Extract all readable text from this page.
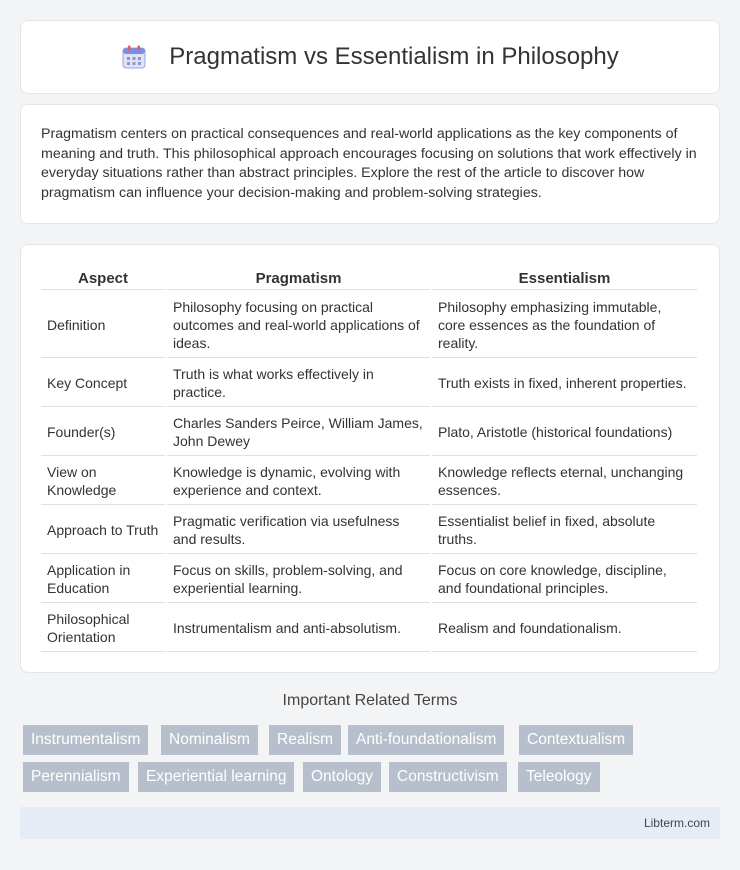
Pragmatism vs Essentialism in Philosophy

Pragmatism centers on practical consequences and real-world applications as the key components of meaning and truth. This philosophical approach encourages focusing on solutions that work effectively in everyday situations rather than abstract principles. Explore the rest of the article to discover how pragmatism can influence your decision-making and problem-solving strategies.

Aspect	Pragmatism	Essentialism
Definition	Philosophy focusing on practical outcomes and real-world applications of ideas.	Philosophy emphasizing immutable, core essences as the foundation of reality.
Key Concept	Truth is what works effectively in practice.	Truth exists in fixed, inherent properties.
Founder(s)	Charles Sanders Peirce, William James, John Dewey	Plato, Aristotle (historical foundations)
View on Knowledge	Knowledge is dynamic, evolving with experience and context.	Knowledge reflects eternal, unchanging essences.
Approach to Truth	Pragmatic verification via usefulness and results.	Essentialist belief in fixed, absolute truths.
Application in Education	Focus on skills, problem-solving, and experiential learning.	Focus on core knowledge, discipline, and foundational principles.
Philosophical Orientation	Instrumentalism and anti-absolutism.	Realism and foundationalism.
Important Related Terms
Instrumentalism	Nominalism	Realism	Anti-foundationalism	Contextualism
Perennialism	Experiential learning	Ontology	Constructivism	Teleology
Libterm.com
